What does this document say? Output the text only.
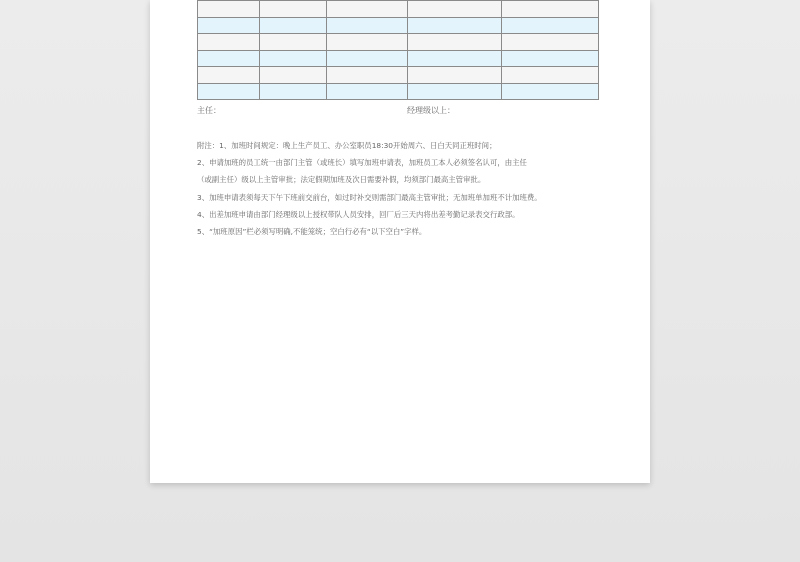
主任：	经理级以上：
附注：1、加班时间规定：晚上生产员工、办公室职员18:30开始周六、日白天同正班时间；
2、申请加班的员工统一由部门主管（或班长）填写加班申请表，加班员工本人必须签名认可，由主任
（或副主任）级以上主管审批；法定假期加班及次日需要补假，均须部门最高主管审批。
3、加班申请表须每天下午下班前交前台，如过时补交则需部门最高主管审批；无加班单加班不计加班费。
4、出差加班申请由部门经理级以上授权带队人员安排，回厂后三天内将出差考勤记录表交行政部。
5、“加班原因”栏必须写明确,不能笼统；空白行必有“以下空白”字样。
